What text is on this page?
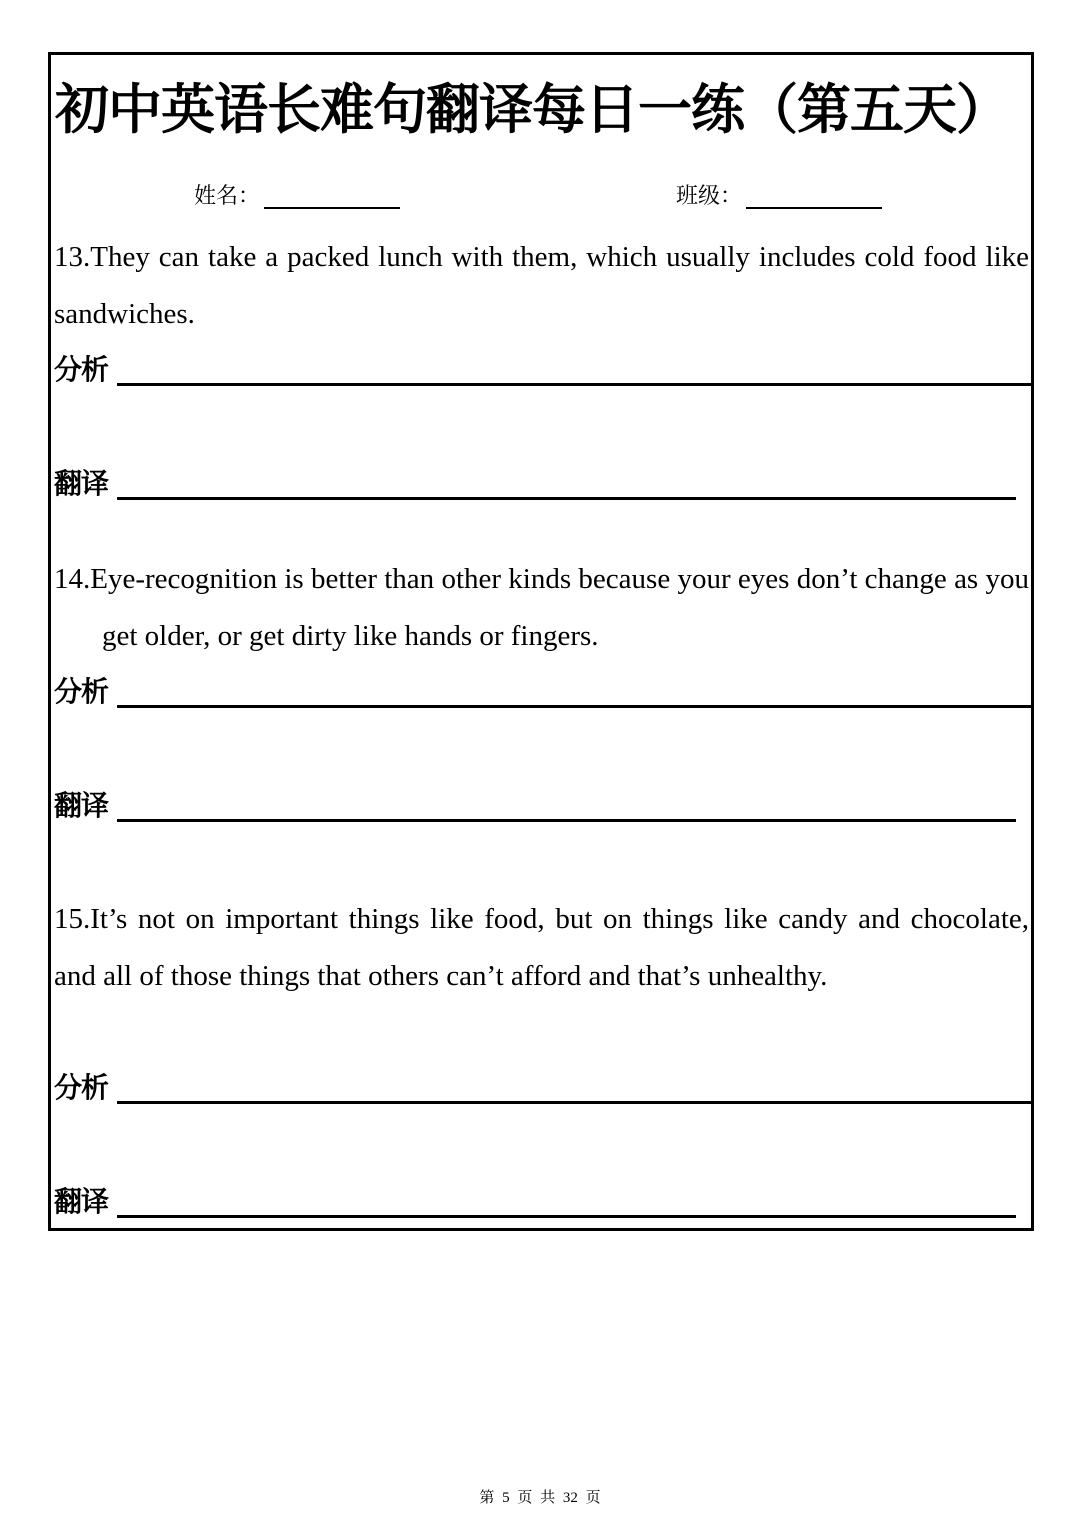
初中英语长难句翻译每日一练（第五天）
姓名：	班级：
13.They can take a packed lunch with them, which usually includes cold food like sandwiches.
分析
翻译
14.Eye-recognition is better than other kinds because your eyes don’t change as you get older, or get dirty like hands or fingers.
分析
翻译
15.It’s not on important things like food, but on things like candy and chocolate, and all of those things that others can’t afford and that’s unhealthy.
分析
翻译
第 5 页 共 32 页
